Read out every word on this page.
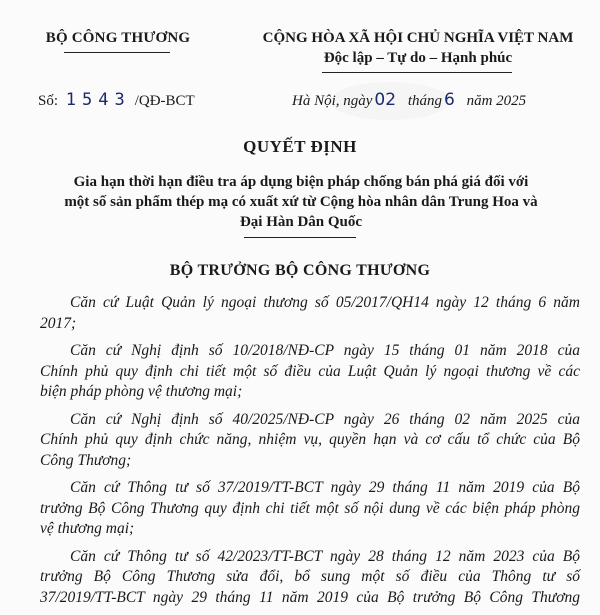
BỘ CÔNG THƯƠNG	CỘNG HÒA XÃ HỘI CHỦ NGHĨA VIỆT NAM
Độc lập – Tự do – Hạnh phúc
Số: 1543 /QĐ-BCT	Hà Nội, ngày 02 tháng 6 năm 2025
QUYẾT ĐỊNH
Gia hạn thời hạn điều tra áp dụng biện pháp chống bán phá giá đối với
một số sản phẩm thép mạ có xuất xứ từ Cộng hòa nhân dân Trung Hoa và
Đại Hàn Dân Quốc
BỘ TRƯỞNG BỘ CÔNG THƯƠNG
Căn cứ Luật Quản lý ngoại thương số 05/2017/QH14 ngày 12 tháng 6 năm
2017;
Căn cứ Nghị định số 10/2018/NĐ-CP ngày 15 tháng 01 năm 2018 của
Chính phủ quy định chi tiết một số điều của Luật Quản lý ngoại thương về các
biện pháp phòng vệ thương mại;
Căn cứ Nghị định số 40/2025/NĐ-CP ngày 26 tháng 02 năm 2025 của
Chính phủ quy định chức năng, nhiệm vụ, quyền hạn và cơ cấu tổ chức của Bộ
Công Thương;
Căn cứ Thông tư số 37/2019/TT-BCT ngày 29 tháng 11 năm 2019 của Bộ
trưởng Bộ Công Thương quy định chi tiết một số nội dung về các biện pháp phòng
vệ thương mại;
Căn cứ Thông tư số 42/2023/TT-BCT ngày 28 tháng 12 năm 2023 của Bộ
trưởng Bộ Công Thương sửa đổi, bổ sung một số điều của Thông tư số
37/2019/TT-BCT ngày 29 tháng 11 năm 2019 của Bộ trưởng Bộ Công Thương
